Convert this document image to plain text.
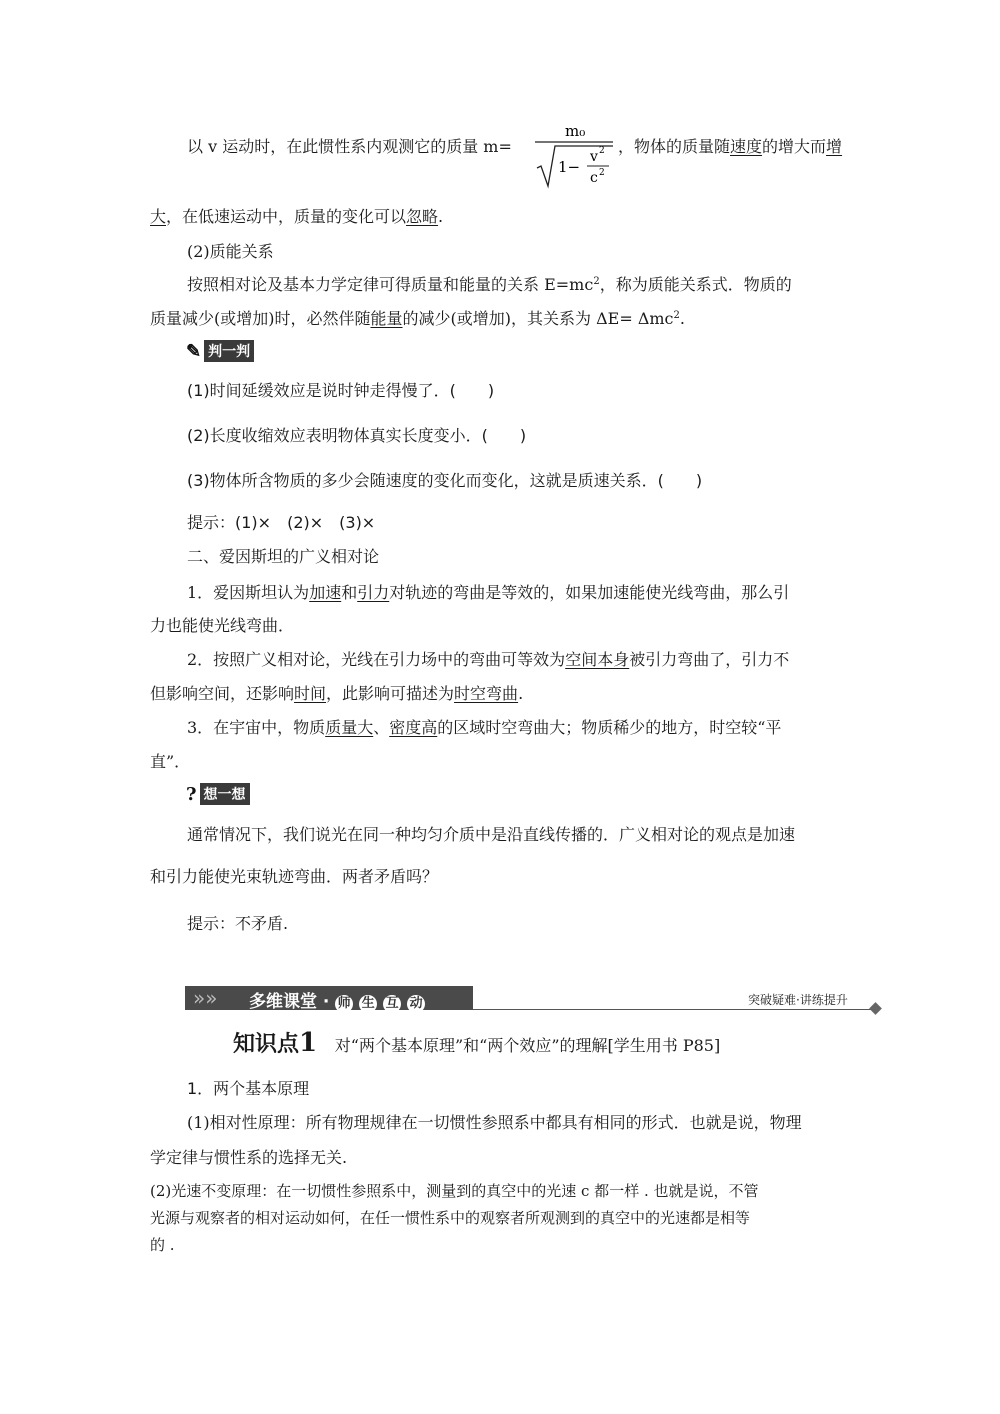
以 v 运动时，在此惯性系内观测它的质量 m=
m₀
1−
v 2
c 2
，物体的质量随速度的增大而增
大，在低速运动中，质量的变化可以忽略.
(2)质能关系
按照相对论及基本力学定律可得质量和能量的关系 $E=mc^2$，称为质能关系式．物质的
质量减少(或增加)时，必然伴随能量的减少(或增加)，其关系为 ΔE= Δmc$^2$.
✎ 判一判
(1)时间延缓效应是说时钟走得慢了．(　　)
(2)长度收缩效应表明物体真实长度变小．(　　)
(3)物体所含物质的多少会随速度的变化而变化，这就是质速关系．(　　)
提示：(1)×　(2)×　(3)×
二、爱因斯坦的广义相对论
1．爱因斯坦认为加速和引力对轨迹的弯曲是等效的，如果加速能使光线弯曲，那么引
力也能使光线弯曲．
2．按照广义相对论，光线在引力场中的弯曲可等效为空间本身被引力弯曲了，引力不
但影响空间，还影响时间，此影响可描述为时空弯曲.
3．在宇宙中，物质质量大、密度高的区域时空弯曲大；物质稀少的地方，时空较“平
直”．
? 想一想
通常情况下，我们说光在同一种均匀介质中是沿直线传播的．广义相对论的观点是加速
和引力能使光束轨迹弯曲．两者矛盾吗？
提示：不矛盾.
»»	多维课堂 · 师 生 互 动	突破疑难·讲练提升
知识点1 对“两个基本原理”和“两个效应”的理解[学生用书 P85]
1．两个基本原理
(1)相对性原理：所有物理规律在一切惯性参照系中都具有相同的形式．也就是说，物理
学定律与惯性系的选择无关.
(2)光速不变原理：在一切惯性参照系中，测量到的真空中的光速 c 都一样 . 也就是说，不管
光源与观察者的相对运动如何，在任一惯性系中的观察者所观测到的真空中的光速都是相等
的 .
